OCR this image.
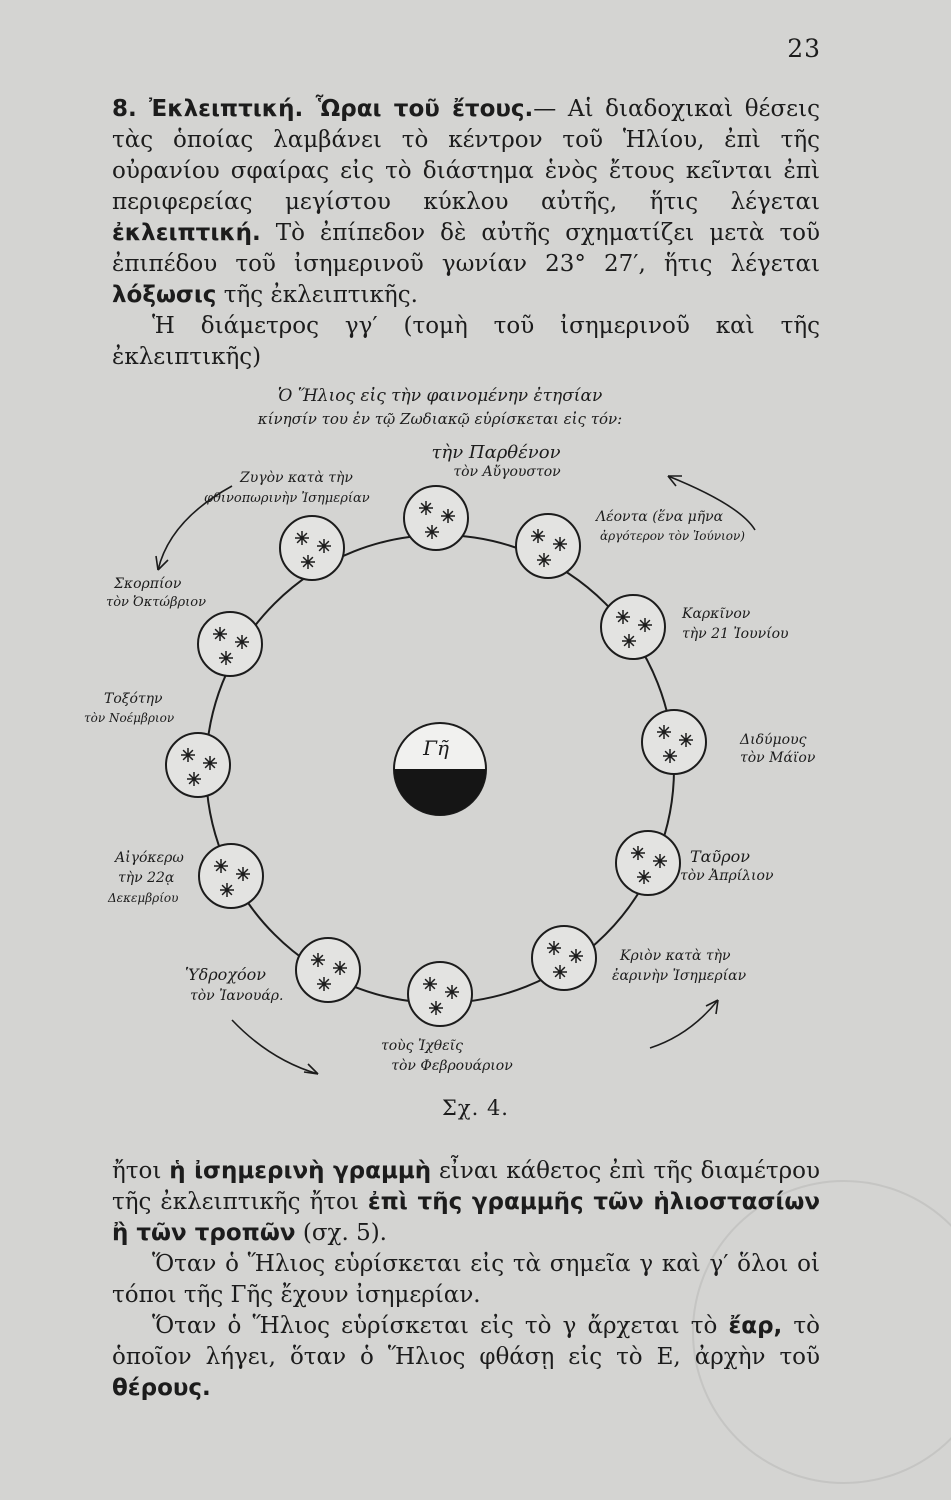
23

8. Ἐκλειπτική. Ὧραι τοῦ ἔτους.— Αἱ διαδοχικαὶ θέσεις τὰς ὁποίας λαμβάνει τὸ κέντρον τοῦ Ἡλίου, ἐπὶ τῆς οὐρανίου σφαίρας εἰς τὸ διάστημα ἑνὸς ἔτους κεῖνται ἐπὶ περιφερείας μεγίστου κύκλου αὐτῆς, ἥτις λέγεται ἐκλειπτική. Τὸ ἐπίπεδον δὲ αὐτῆς σχηματίζει μετὰ τοῦ ἐπιπέδου τοῦ ἰσημερινοῦ γωνίαν 23° 27′, ἥτις λέγεται λόξωσις τῆς ἐκλειπτικῆς.

Ἡ διάμετρος γγ′ (τομὴ τοῦ ἰσημερινοῦ καὶ τῆς ἐκλειπτικῆς)

Ὁ Ἥλιος εἰς τὴν φαινομένην ἐτησίαν
κίνησίν του ἐν τῷ Ζωδιακῷ εὑρίσκεται εἰς τόν:
Γῆ
τὴν Παρθένον
τὸν Αὔγουστον
Λέοντα (ἕνα μῆνα
ἀργότερον τὸν Ἰούνιον)
Καρκῖνον
τὴν 21 Ἰουνίου
Διδύμους
τὸν Μάϊον
Ταῦρον
τὸν Ἀπρίλιον
Κριὸν κατὰ τὴν
ἐαρινὴν Ἰσημερίαν
τοὺς Ἰχθεῖς
τὸν Φεβρουάριον
Ὑδροχόον
τὸν Ἰανουάρ.
Αἰγόκερω
τὴν 22ᾳ
Δεκεμβρίου
Τοξότην
τὸν Νοέμβριον
Σκορπίον
τὸν Ὀκτώβριον
Ζυγὸν κατὰ τὴν
φθινοπωρινὴν Ἰσημερίαν
Σχ. 4.

ἤτοι ἡ ἰσημερινὴ γραμμὴ εἶναι κάθετος ἐπὶ τῆς διαμέτρου τῆς ἐκλειπτικῆς ἤτοι ἐπὶ τῆς γραμμῆς τῶν ἡλιοστασίων ἢ τῶν τροπῶν (σχ. 5).

Ὅταν ὁ Ἥλιος εὑρίσκεται εἰς τὰ σημεῖα γ καὶ γ′ ὅλοι οἱ τόποι τῆς Γῆς ἔχουν ἰσημερίαν.

Ὅταν ὁ Ἥλιος εὑρίσκεται εἰς τὸ γ ἄρχεται τὸ ἔαρ, τὸ ὁποῖον λήγει, ὅταν ὁ Ἥλιος φθάσῃ εἰς τὸ Ε, ἀρχὴν τοῦ θέρους.
